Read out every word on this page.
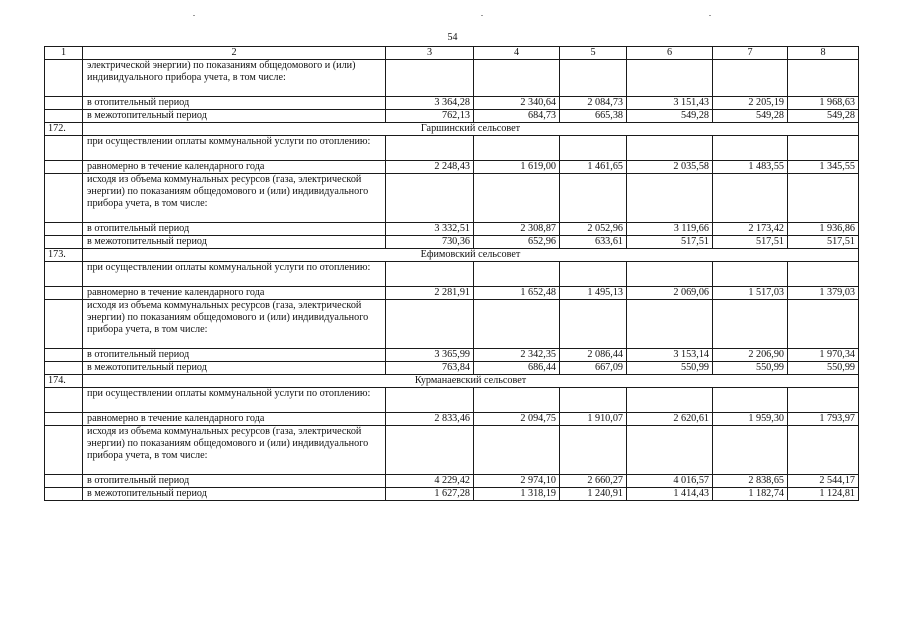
54
1	2	3	4	5	6	7	8
	электрической энергии) по показаниям общедомового и (или) индивидуального прибора учета, в том числе:						
	в отопительный период	3 364,28	2 340,64	2 084,73	3 151,43	2 205,19	1 968,63
	в межотопительный период	762,13	684,73	665,38	549,28	549,28	549,28
172.	Гаршинский сельсовет						
	при осуществлении оплаты коммунальной услуги по отоплению:						
	равномерно в течение календарного года	2 248,43	1 619,00	1 461,65	2 035,58	1 483,55	1 345,55
	исходя из объема коммунальных ресурсов (газа, электрической энергии) по показаниям общедомового и (или) индивидуального прибора учета, в том числе:						
	в отопительный период	3 332,51	2 308,87	2 052,96	3 119,66	2 173,42	1 936,86
	в межотопительный период	730,36	652,96	633,61	517,51	517,51	517,51
173.	Ефимовский сельсовет						
	при осуществлении оплаты коммунальной услуги по отоплению:						
	равномерно в течение календарного года	2 281,91	1 652,48	1 495,13	2 069,06	1 517,03	1 379,03
	исходя из объема коммунальных ресурсов (газа, электрической энергии) по показаниям общедомового и (или) индивидуального прибора учета, в том числе:						
	в отопительный период	3 365,99	2 342,35	2 086,44	3 153,14	2 206,90	1 970,34
	в межотопительный период	763,84	686,44	667,09	550,99	550,99	550,99
174.	Курманаевский сельсовет						
	при осуществлении оплаты коммунальной услуги по отоплению:						
	равномерно в течение календарного года	2 833,46	2 094,75	1 910,07	2 620,61	1 959,30	1 793,97
	исходя из объема коммунальных ресурсов (газа, электрической энергии) по показаниям общедомового и (или) индивидуального прибора учета, в том числе:						
	в отопительный период	4 229,42	2 974,10	2 660,27	4 016,57	2 838,65	2 544,17
	в межотопительный период	1 627,28	1 318,19	1 240,91	1 414,43	1 182,74	1 124,81
